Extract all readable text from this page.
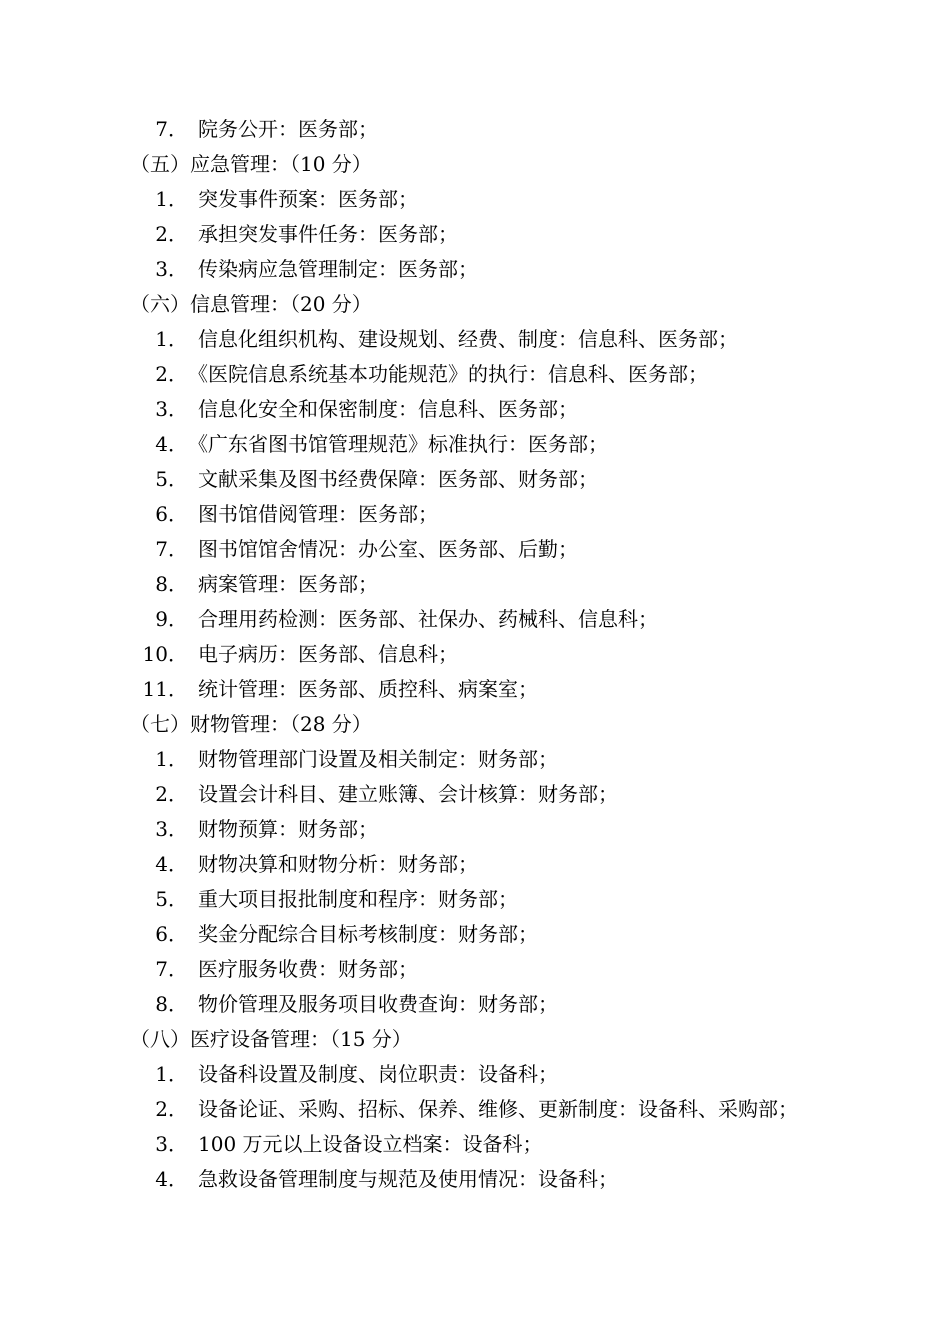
7． 院务公开：医务部；
（五）应急管理：（10 分）
1． 突发事件预案：医务部；
2． 承担突发事件任务：医务部；
3． 传染病应急管理制定：医务部；
（六）信息管理：（20 分）
1． 信息化组织机构、建设规划、经费、制度：信息科、医务部；
2． 《医院信息系统基本功能规范》的执行：信息科、医务部；
3． 信息化安全和保密制度：信息科、医务部；
4． 《广东省图书馆管理规范》标准执行：医务部；
5． 文献采集及图书经费保障：医务部、财务部；
6． 图书馆借阅管理：医务部；
7． 图书馆馆舍情况：办公室、医务部、后勤；
8． 病案管理：医务部；
9． 合理用药检测：医务部、社保办、药械科、信息科；
10． 电子病历：医务部、信息科；
11． 统计管理：医务部、质控科、病案室；
（七）财物管理：（28 分）
1． 财物管理部门设置及相关制定：财务部；
2． 设置会计科目、建立账簿、会计核算：财务部；
3． 财物预算：财务部；
4． 财物决算和财物分析：财务部；
5． 重大项目报批制度和程序：财务部；
6． 奖金分配综合目标考核制度：财务部；
7． 医疗服务收费：财务部；
8． 物价管理及服务项目收费查询：财务部；
（八）医疗设备管理：（15 分）
1． 设备科设置及制度、岗位职责：设备科；
2． 设备论证、采购、招标、保养、维修、更新制度：设备科、采购部；
3． 100 万元以上设备设立档案：设备科；
4． 急救设备管理制度与规范及使用情况：设备科；
